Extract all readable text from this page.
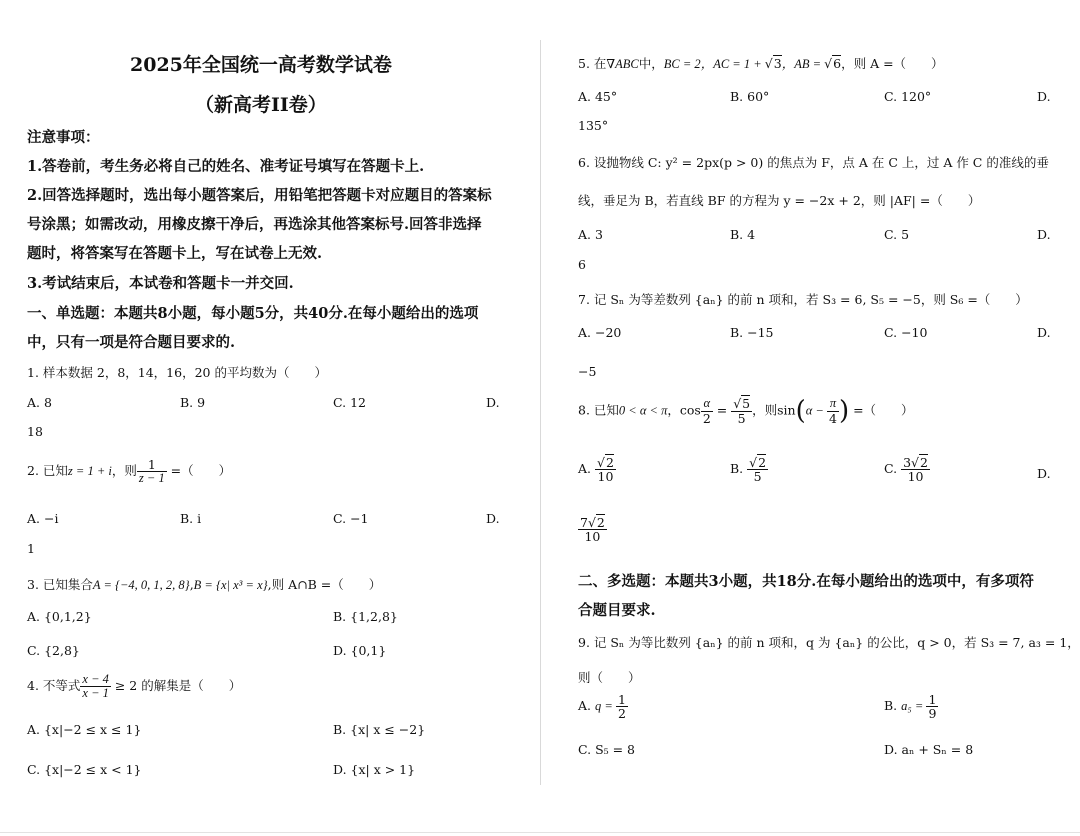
2025年全国统一高考数学试卷
（新高考II卷）
注意事项：
1.答卷前，考生务必将自己的姓名、准考证号填写在答题卡上.
2.回答选择题时，选出每小题答案后，用铅笔把答题卡对应题目的答案标
号涂黑；如需改动，用橡皮擦干净后，再选涂其他答案标号.回答非选择
题时，将答案写在答题卡上，写在试卷上无效.
3.考试结束后，本试卷和答题卡一并交回.
一、单选题：本题共8小题，每小题5分，共40分.在每小题给出的选项
中，只有一项是符合题目要求的.
1. 样本数据 2，8，14，16，20 的平均数为（　　）
A. 8	B. 9	C. 12	D.
18
2. 已知z = 1 + i，则 $\frac{1}{z - 1}$ =（　　）
A. −i	B. i	C. −1	D.
1
3. 已知集合A = {−4, 0, 1, 2, 8},B = {x| x³ = x},则 A∩B =（　　）
A. {0,1,2}	B. {1,2,8}
C. {2,8}	D. {0,1}
4. 不等式 $\frac{x - 4}{x - 1} \ge 2$ 的解集是（　　）
A. {x|−2 ≤ x ≤ 1}	B. {x| x ≤ −2}
C. {x|−2 ≤ x < 1}	D. {x| x > 1}
5. 在∇ABC中，BC = 2，AC = 1 + √3，AB = √6，则 A =（　　）
A. 45°	B. 60°	C. 120°	D.
135°
6. 设抛物线 C: y² = 2px(p > 0) 的焦点为 F，点 A 在 C 上，过 A 作 C 的准线的垂
线，垂足为 B，若直线 BF 的方程为 y = −2x + 2，则 |AF| =（　　）
A. 3	B. 4	C. 5	D.
6
7. 记 Sₙ 为等差数列 {aₙ} 的前 n 项和，若 S₃ = 6, S₅ = −5，则 S₆ =（　　）
A. −20	B. −15	C. −10	D.
−5
8. 已知0 < α < π，$\cos \frac{\alpha}{2} = \frac{√5}{5}$ ，则$\sin(\alpha - \frac{\pi}{4}$ ) =（　　）
A. $\frac{√2}{10}$	B. $\frac{√2}{5}$	C. $\frac{3√2}{10}$	D.
$\frac{7√2}{10}$
二、多选题：本题共3小题，共18分.在每小题给出的选项中，有多项符
合题目要求.
9. 记 Sₙ 为等比数列 {aₙ} 的前 n 项和，q 为 {aₙ} 的公比，q > 0，若 S₃ = 7, a₃ = 1，
则（　　）
A. $q = \frac{1}{2}$	B. $a_5 = \frac{1}{9}$
C. S₅ = 8	D. aₙ + Sₙ = 8
